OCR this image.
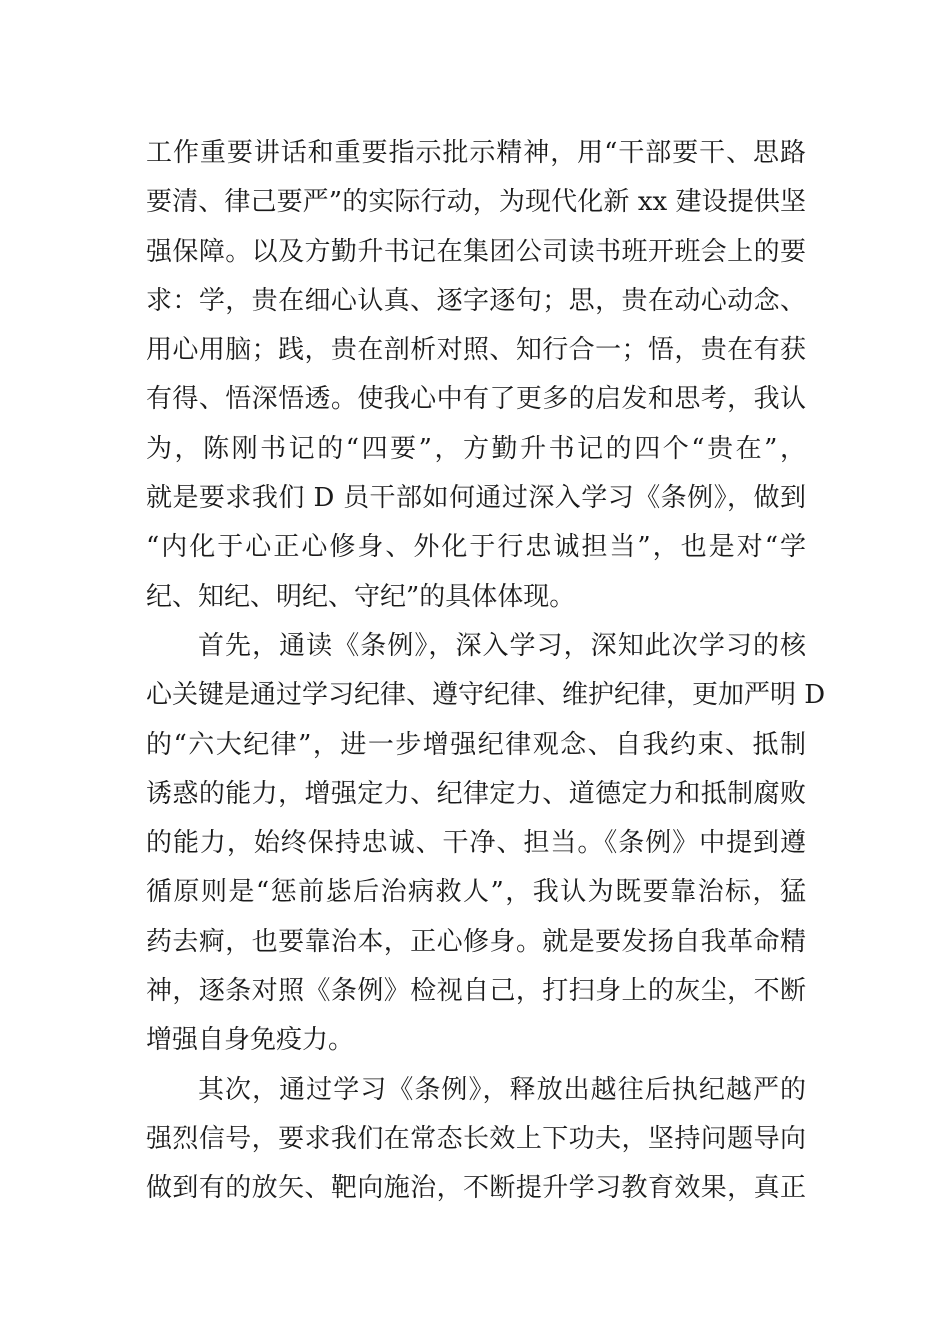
工作重要讲话和重要指示批示精神，用“干部要干、思路
要清、律己要严”的实际行动，为现代化新 xx 建设提供坚
强保障。以及方勤升书记在集团公司读书班开班会上的要
求：学，贵在细心认真、逐字逐句；思，贵在动心动念、
用心用脑；践，贵在剖析对照、知行合一；悟，贵在有获
有得、悟深悟透。使我心中有了更多的启发和思考，我认
为，陈刚书记的“四要”，方勤升书记的四个“贵在”，
就是要求我们 D 员干部如何通过深入学习《条例》，做到
“内化于心正心修身、外化于行忠诚担当”，也是对“学
纪、知纪、明纪、守纪”的具体体现。
首先，通读《条例》，深入学习，深知此次学习的核
心关键是通过学习纪律、遵守纪律、维护纪律，更加严明 D
的“六大纪律”，进一步增强纪律观念、自我约束、抵制
诱惑的能力，增强定力、纪律定力、道德定力和抵制腐败
的能力，始终保持忠诚、干净、担当。《条例》中提到遵
循原则是“惩前毖后治病救人”，我认为既要靠治标，猛
药去痾，也要靠治本，正心修身。就是要发扬自我革命精
神，逐条对照《条例》检视自己，打扫身上的灰尘，不断
增强自身免疫力。
其次，通过学习《条例》，释放出越往后执纪越严的
强烈信号，要求我们在常态长效上下功夫，坚持问题导向
做到有的放矢、靶向施治，不断提升学习教育效果，真正
